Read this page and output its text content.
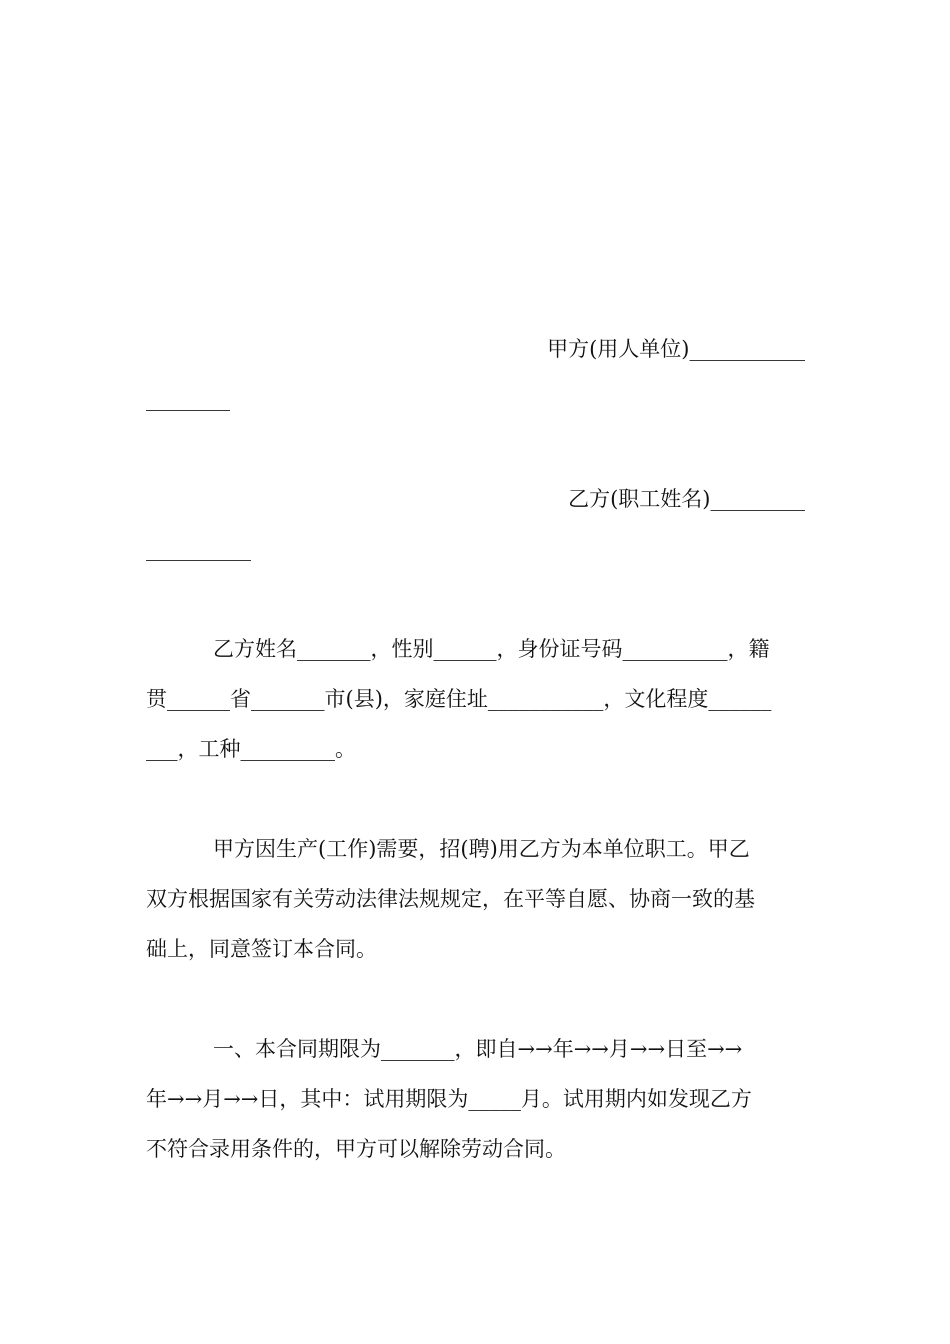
甲方(用人单位)___________
________
乙方(职工姓名)_________
__________
乙方姓名_______，性别______，身份证号码__________，籍
贯______省_______市(县)，家庭住址___________，文化程度______
___，工种_________。
甲方因生产(工作)需要，招(聘)用乙方为本单位职工。甲乙
双方根据国家有关劳动法律法规规定，在平等自愿、协商一致的基
础上，同意签订本合同。
一、本合同期限为_______，即自→→年→→月→→日至→→
年→→月→→日，其中：试用期限为_____月。试用期内如发现乙方
不符合录用条件的，甲方可以解除劳动合同。
